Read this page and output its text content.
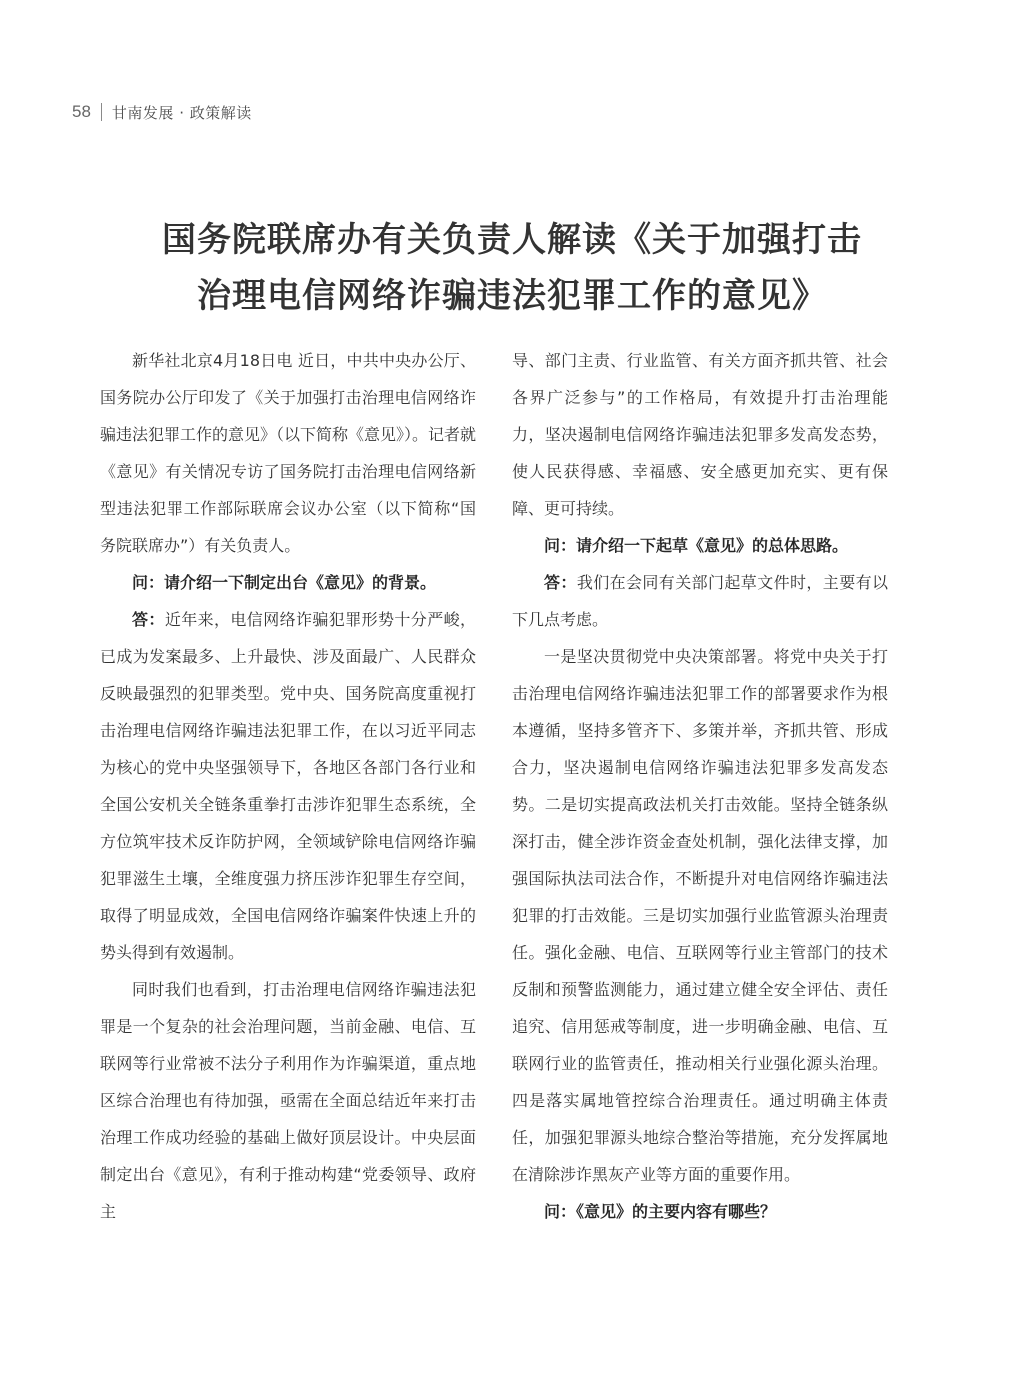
58 甘南发展 · 政策解读
国务院联席办有关负责人解读《关于加强打击
治理电信网络诈骗违法犯罪工作的意见》

新华社北京4月18日电 近日，中共中央办公厅、国务院办公厅印发了《关于加强打击治理电信网络诈骗违法犯罪工作的意见》（以下简称《意见》）。记者就《意见》有关情况专访了国务院打击治理电信网络新型违法犯罪工作部际联席会议办公室（以下简称“国务院联席办”）有关负责人。

问：请介绍一下制定出台《意见》的背景。

答：近年来，电信网络诈骗犯罪形势十分严峻，已成为发案最多、上升最快、涉及面最广、人民群众反映最强烈的犯罪类型。党中央、国务院高度重视打击治理电信网络诈骗违法犯罪工作，在以习近平同志为核心的党中央坚强领导下，各地区各部门各行业和全国公安机关全链条重拳打击涉诈犯罪生态系统，全方位筑牢技术反诈防护网，全领域铲除电信网络诈骗犯罪滋生土壤，全维度强力挤压涉诈犯罪生存空间，取得了明显成效，全国电信网络诈骗案件快速上升的势头得到有效遏制。

同时我们也看到，打击治理电信网络诈骗违法犯罪是一个复杂的社会治理问题，当前金融、电信、互联网等行业常被不法分子利用作为诈骗渠道，重点地区综合治理也有待加强，亟需在全面总结近年来打击治理工作成功经验的基础上做好顶层设计。中央层面制定出台《意见》，有利于推动构建“党委领导、政府主

导、部门主责、行业监管、有关方面齐抓共管、社会各界广泛参与”的工作格局，有效提升打击治理能力，坚决遏制电信网络诈骗违法犯罪多发高发态势，使人民获得感、幸福感、安全感更加充实、更有保障、更可持续。

问：请介绍一下起草《意见》的总体思路。

答：我们在会同有关部门起草文件时，主要有以下几点考虑。

一是坚决贯彻党中央决策部署。将党中央关于打击治理电信网络诈骗违法犯罪工作的部署要求作为根本遵循，坚持多管齐下、多策并举，齐抓共管、形成合力，坚决遏制电信网络诈骗违法犯罪多发高发态势。二是切实提高政法机关打击效能。坚持全链条纵深打击，健全涉诈资金查处机制，强化法律支撑，加强国际执法司法合作，不断提升对电信网络诈骗违法犯罪的打击效能。三是切实加强行业监管源头治理责任。强化金融、电信、互联网等行业主管部门的技术反制和预警监测能力，通过建立健全安全评估、责任追究、信用惩戒等制度，进一步明确金融、电信、互联网行业的监管责任，推动相关行业强化源头治理。四是落实属地管控综合治理责任。通过明确主体责任，加强犯罪源头地综合整治等措施，充分发挥属地在清除涉诈黑灰产业等方面的重要作用。

问：《意见》的主要内容有哪些？
